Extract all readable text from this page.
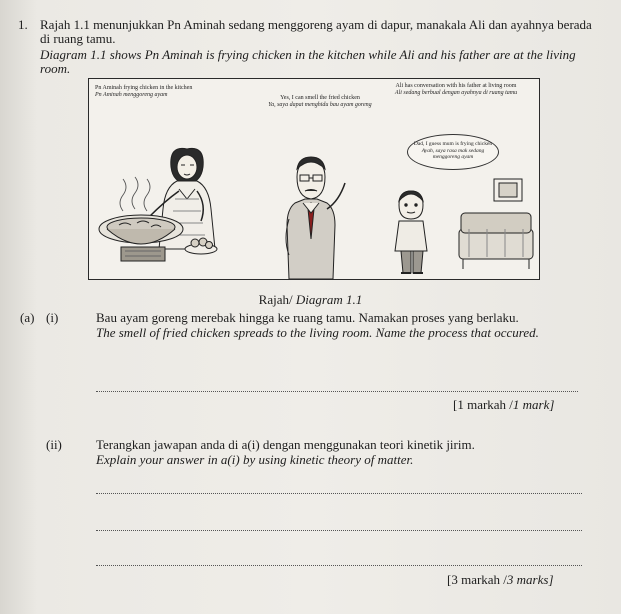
1. Rajah 1.1 menunjukkan Pn Aminah sedang menggoreng ayam di dapur, manakala Ali dan ayahnya berada di ruang tamu.
Diagram 1.1 shows Pn Aminah is frying chicken in the kitchen while Ali and his father are at the living room.
Pn Aminah frying chicken in the kitchen
Pn Aminah menggoreng ayam	Yes, I can smell the fried chicken
Ya, saya dapat menghidu bau ayam goreng
Ali has conversation with his father at living room
Ali sedang berbual dengan ayahnya di ruang tamu
Dad, I guess mum is frying chicken
Ayah, saya rasa mak sedang menggoreng ayam
Rajah/ Diagram 1.1
(a) (i)	Bau ayam goreng merebak hingga ke ruang tamu. Namakan proses yang berlaku.
The smell of fried chicken spreads to the living room. Name the process that occured.
[1 markah /1 mark]
(ii)	Terangkan jawapan anda di a(i) dengan menggunakan teori kinetik jirim.
Explain your answer in a(i) by using kinetic theory of matter.
[3 markah /3 marks]
